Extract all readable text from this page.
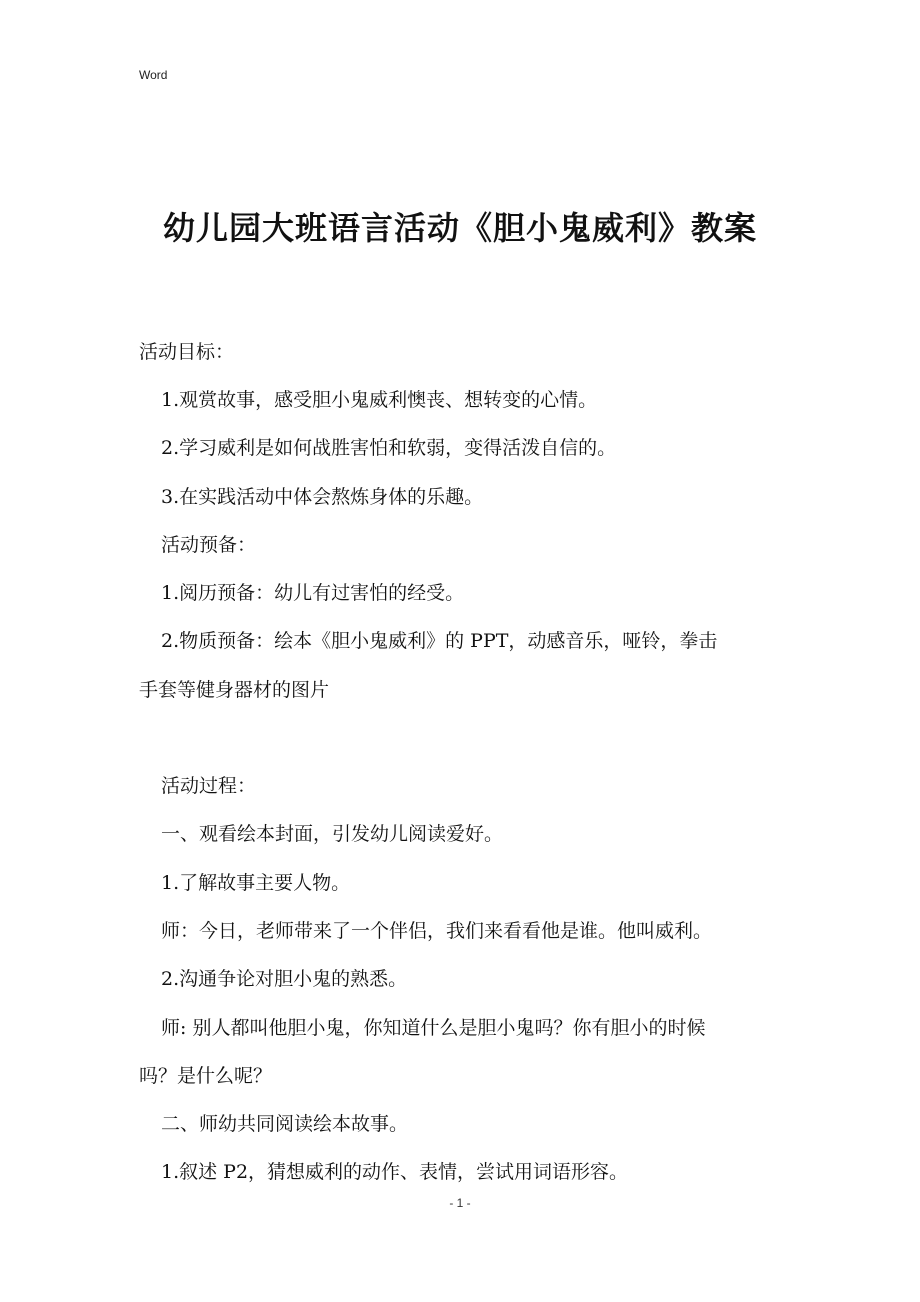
Word
幼儿园大班语言活动《胆小鬼威利》教案
活动目标：
1.观赏故事，感受胆小鬼威利懊丧、想转变的心情。
2.学习威利是如何战胜害怕和软弱，变得活泼自信的。
3.在实践活动中体会熬炼身体的乐趣。
活动预备：
1.阅历预备：幼儿有过害怕的经受。
2.物质预备：绘本《胆小鬼威利》的 PPT，动感音乐，哑铃，拳击
手套等健身器材的图片
活动过程：
一、观看绘本封面，引发幼儿阅读爱好。
1.了解故事主要人物。
师：今日，老师带来了一个伴侣，我们来看看他是谁。他叫威利。
2.沟通争论对胆小鬼的熟悉。
师: 别人都叫他胆小鬼，你知道什么是胆小鬼吗？你有胆小的时候
吗？是什么呢？
二、师幼共同阅读绘本故事。
1.叙述 P2，猜想威利的动作、表情，尝试用词语形容。
- 1 -
